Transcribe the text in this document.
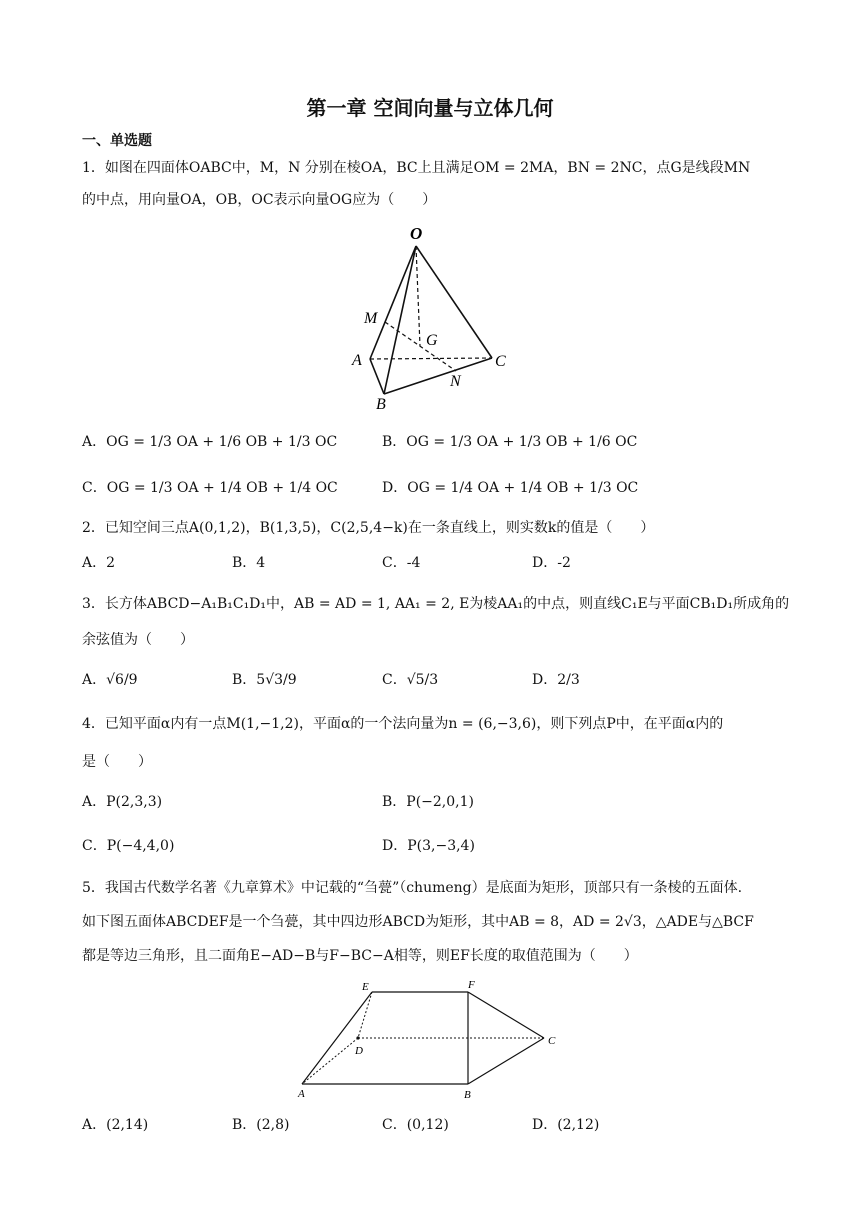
第一章 空间向量与立体几何
一、单选题
1．如图在四面体OABC中，M，N 分别在棱OA，BC上且满足OM = 2MA，BN = 2NC，点G是线段MN
的中点，用向量OA，OB，OC表示向量OG应为（　　）
O
M
G
A	C
N
B
A．OG = 1/3 OA + 1/6 OB + 1/3 OC	B．OG = 1/3 OA + 1/3 OB + 1/6 OC
C．OG = 1/3 OA + 1/4 OB + 1/4 OC	D．OG = 1/4 OA + 1/4 OB + 1/3 OC
2．已知空间三点A(0,1,2)，B(1,3,5)，C(2,5,4−k)在一条直线上，则实数k的值是（　　）
A．2	B．4	C．-4	D．-2
3．长方体ABCD−A₁B₁C₁D₁中，AB = AD = 1, AA₁ = 2, E为棱AA₁的中点，则直线C₁E与平面CB₁D₁所成角的
余弦值为（　　）
A．√6/9	B．5√3/9	C．√5/3	D．2/3
4．已知平面α内有一点M(1,−1,2)，平面α的一个法向量为n = (6,−3,6)，则下列点P中，在平面α内的
是（　　）
A．P(2,3,3)	B．P(−2,0,1)
C．P(−4,4,0)	D．P(3,−3,4)
5．我国古代数学名著《九章算术》中记载的“刍甍”（chumeng）是底面为矩形，顶部只有一条棱的五面体.
如下图五面体ABCDEF是一个刍甍，其中四边形ABCD为矩形，其中AB = 8，AD = 2√3，△ADE与△BCF
都是等边三角形，且二面角E−AD−B与F−BC−A相等，则EF长度的取值范围为（　　）
E	F
D
C
A	B
A．(2,14)	B．(2,8)	C．(0,12)	D．(2,12)
